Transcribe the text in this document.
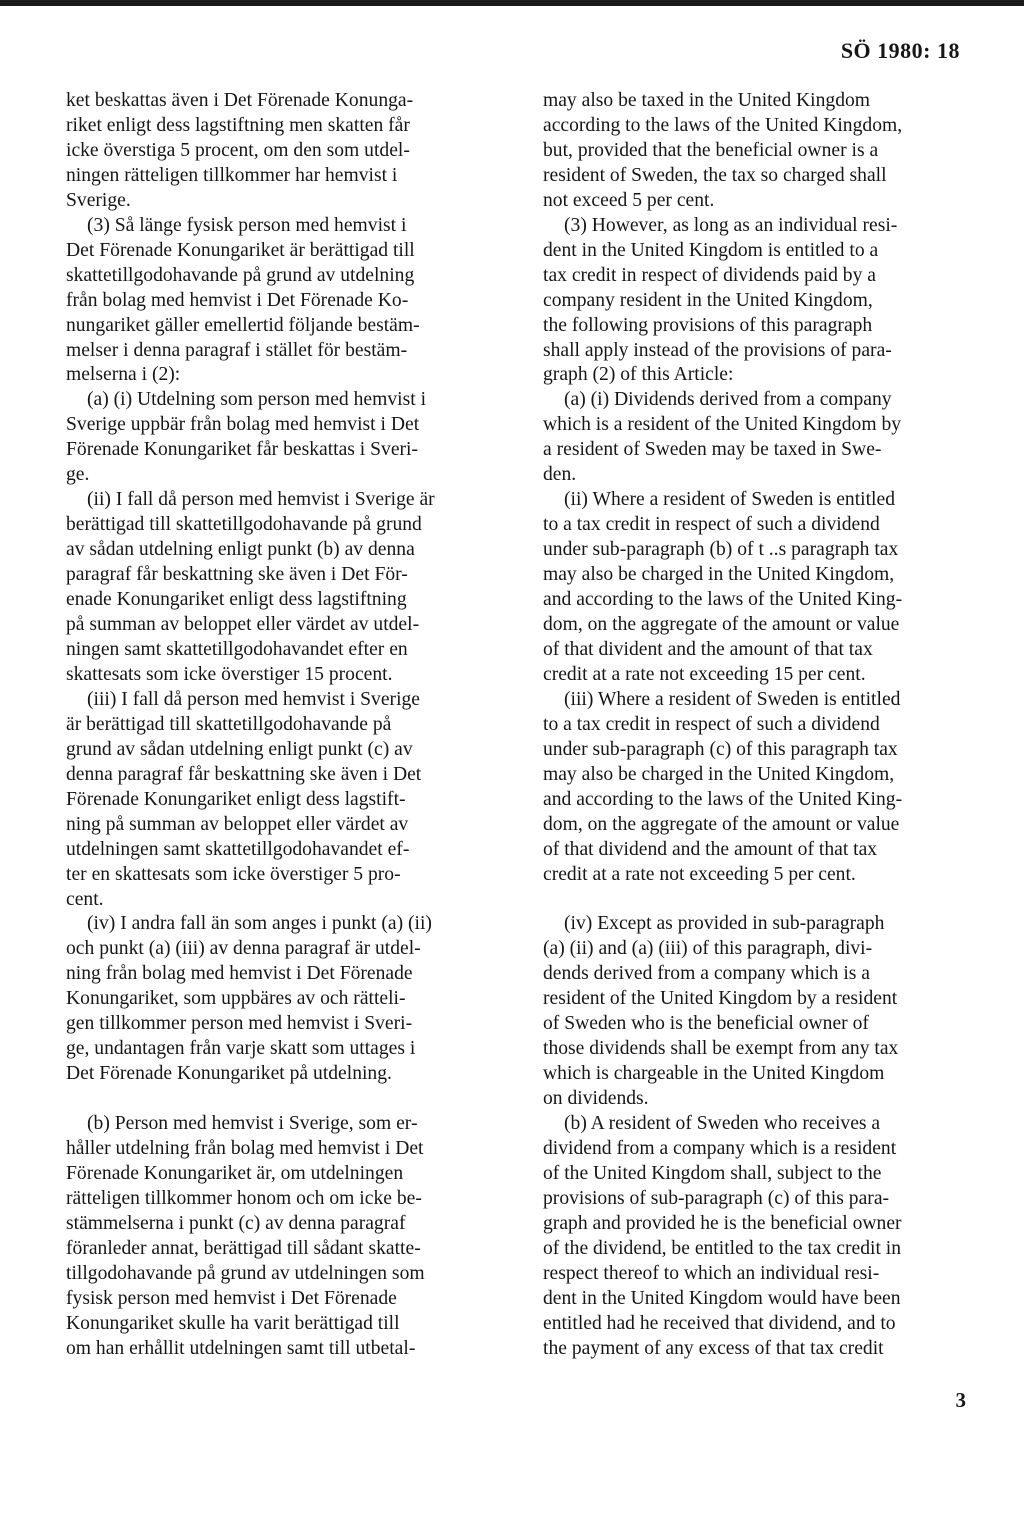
SÖ 1980: 18

ket beskattas även i Det Förenade Konunga-
riket enligt dess lagstiftning men skatten får
icke överstiga 5 procent, om den som utdel-
ningen rätteligen tillkommer har hemvist i
Sverige.

(3) Så länge fysisk person med hemvist i
Det Förenade Konungariket är berättigad till
skattetillgodohavande på grund av utdelning
från bolag med hemvist i Det Förenade Ko-
nungariket gäller emellertid följande bestäm-
melser i denna paragraf i stället för bestäm-
melserna i (2):

(a) (i) Utdelning som person med hemvist i
Sverige uppbär från bolag med hemvist i Det
Förenade Konungariket får beskattas i Sveri-
ge.

(ii) I fall då person med hemvist i Sverige är
berättigad till skattetillgodohavande på grund
av sådan utdelning enligt punkt (b) av denna
paragraf får beskattning ske även i Det För-
enade Konungariket enligt dess lagstiftning
på summan av beloppet eller värdet av utdel-
ningen samt skattetillgodohavandet efter en
skattesats som icke överstiger 15 procent.

(iii) I fall då person med hemvist i Sverige
är berättigad till skattetillgodohavande på
grund av sådan utdelning enligt punkt (c) av
denna paragraf får beskattning ske även i Det
Förenade Konungariket enligt dess lagstift-
ning på summan av beloppet eller värdet av
utdelningen samt skattetillgodohavandet ef-
ter en skattesats som icke överstiger 5 pro-
cent.

(iv) I andra fall än som anges i punkt (a) (ii)
och punkt (a) (iii) av denna paragraf är utdel-
ning från bolag med hemvist i Det Förenade
Konungariket, som uppbäres av och rätteli-
gen tillkommer person med hemvist i Sveri-
ge, undantagen från varje skatt som uttages i
Det Förenade Konungariket på utdelning.

(b) Person med hemvist i Sverige, som er-
håller utdelning från bolag med hemvist i Det
Förenade Konungariket är, om utdelningen
rätteligen tillkommer honom och om icke be-
stämmelserna i punkt (c) av denna paragraf
föranleder annat, berättigad till sådant skatte-
tillgodohavande på grund av utdelningen som
fysisk person med hemvist i Det Förenade
Konungariket skulle ha varit berättigad till
om han erhållit utdelningen samt till utbetal-

may also be taxed in the United Kingdom
according to the laws of the United Kingdom,
but, provided that the beneficial owner is a
resident of Sweden, the tax so charged shall
not exceed 5 per cent.

(3) However, as long as an individual resi-
dent in the United Kingdom is entitled to a
tax credit in respect of dividends paid by a
company resident in the United Kingdom,
the following provisions of this paragraph
shall apply instead of the provisions of para-
graph (2) of this Article:

(a) (i) Dividends derived from a company
which is a resident of the United Kingdom by
a resident of Sweden may be taxed in Swe-
den.

(ii) Where a resident of Sweden is entitled
to a tax credit in respect of such a dividend
under sub-paragraph (b) of t ..s paragraph tax
may also be charged in the United Kingdom,
and according to the laws of the United King-
dom, on the aggregate of the amount or value
of that divident and the amount of that tax
credit at a rate not exceeding 15 per cent.

(iii) Where a resident of Sweden is entitled
to a tax credit in respect of such a dividend
under sub-paragraph (c) of this paragraph tax
may also be charged in the United Kingdom,
and according to the laws of the United King-
dom, on the aggregate of the amount or value
of that dividend and the amount of that tax
credit at a rate not exceeding 5 per cent.

(iv) Except as provided in sub-paragraph
(a) (ii) and (a) (iii) of this paragraph, divi-
dends derived from a company which is a
resident of the United Kingdom by a resident
of Sweden who is the beneficial owner of
those dividends shall be exempt from any tax
which is chargeable in the United Kingdom
on dividends.

(b) A resident of Sweden who receives a
dividend from a company which is a resident
of the United Kingdom shall, subject to the
provisions of sub-paragraph (c) of this para-
graph and provided he is the beneficial owner
of the dividend, be entitled to the tax credit in
respect thereof to which an individual resi-
dent in the United Kingdom would have been
entitled had he received that dividend, and to
the payment of any excess of that tax credit

3
